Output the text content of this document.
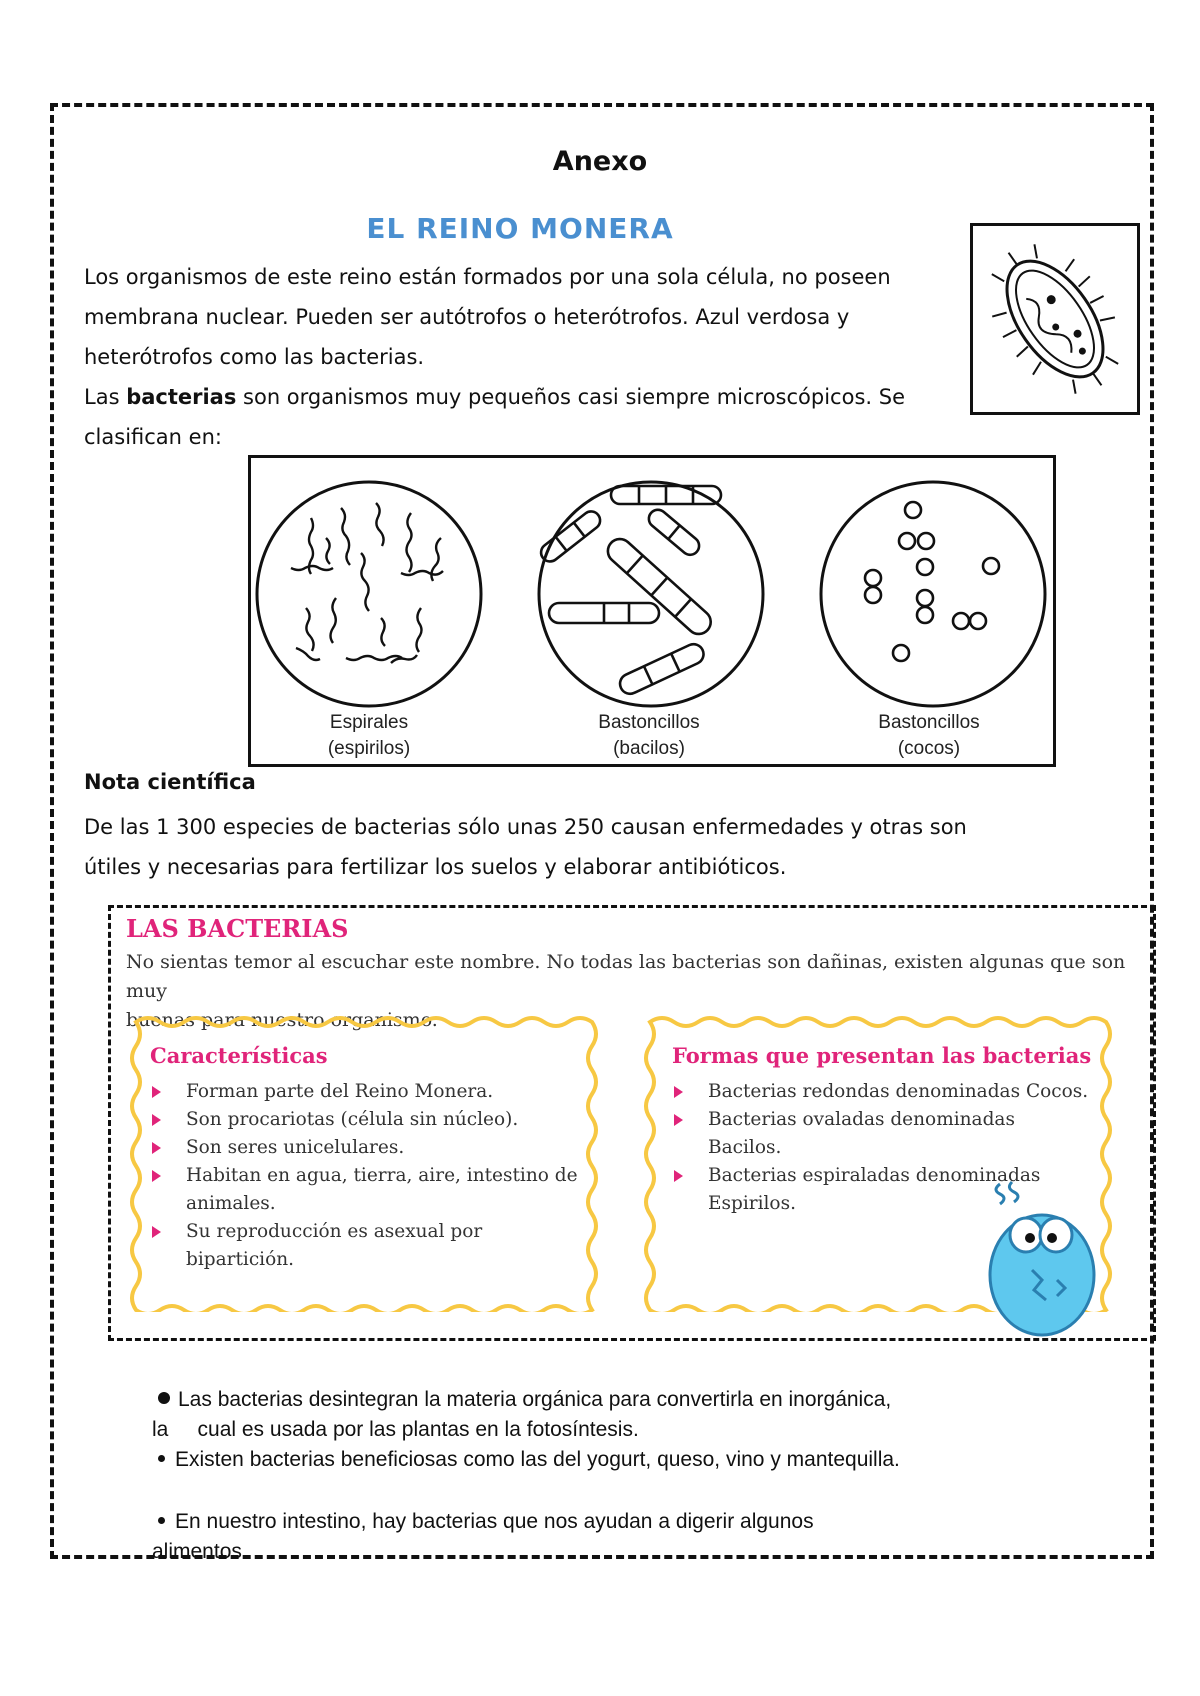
Anexo
EL REINO MONERA
Los organismos de este reino están formados por una sola célula, no poseen
membrana nuclear. Pueden ser autótrofos o heterótrofos. Azul verdosa y
heterótrofos como las bacterias.
Las bacterias son organismos muy pequeños casi siempre microscópicos. Se
clasifican en:
Espirales
(espirilos)
Bastoncillos
(bacilos)
Bastoncillos
(cocos)
Nota científica
De las 1 300 especies de bacterias sólo unas 250 causan enfermedades y otras son
útiles y necesarias para fertilizar los suelos y elaborar antibióticos.
LAS BACTERIAS
No sientas temor al escuchar este nombre. No todas las bacterias son dañinas, existen algunas que son muy
buenas para nuestro organismo.
Características
Forman parte del Reino Monera.
Son procariotas (célula sin núcleo).
Son seres unicelulares.
Habitan en agua, tierra, aire, intestino de animales.
Su reproducción es asexual por bipartición.
Formas que presentan las bacterias
Bacterias redondas denominadas Cocos.
Bacterias ovaladas denominadas Bacilos.
Bacterias espiraladas denominadas Espirilos.
Las bacterias desintegran la materia orgánica para convertirla en inorgánica,
la     cual es usada por las plantas en la fotosíntesis.
Existen bacterias beneficiosas como las del yogurt, queso, vino y mantequilla.
En nuestro intestino, hay bacterias que nos ayudan a digerir algunos
alimentos.
